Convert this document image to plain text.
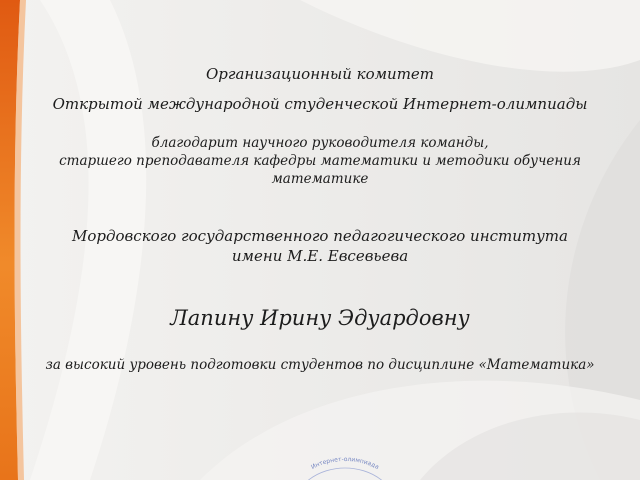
Организационный комитет
Открытой международной студенческой Интернет-олимпиады
благодарит научного руководителя команды,
старшего преподавателя кафедры математики и методики обучения
математике
Мордовского государственного педагогического института
имени М.Е. Евсевьева
Лапину Ирину Эдуардовну
за высокий уровень подготовки студентов по дисциплине «Математика»
Интернет-олимпиада
